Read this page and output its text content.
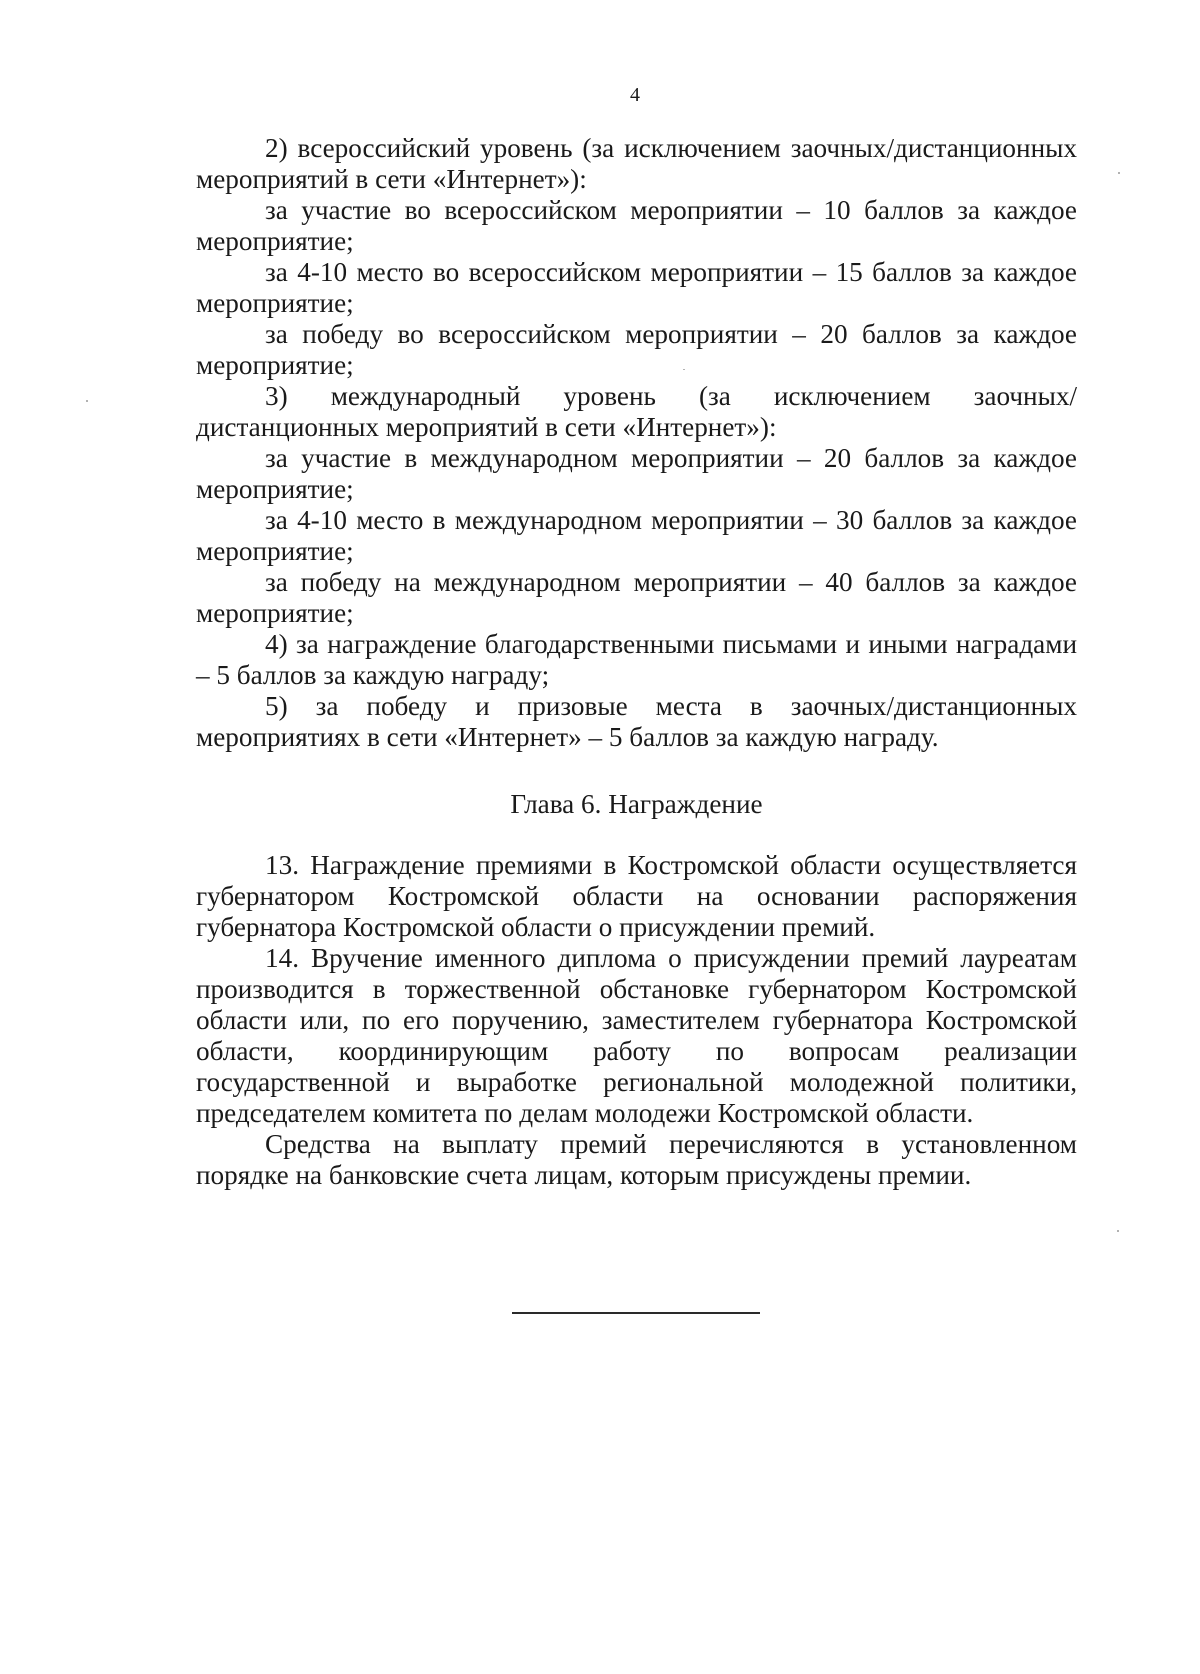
4

2) всероссийский уровень (за исключением заочных/дистанционных мероприятий в сети «Интернет»):

за участие во всероссийском мероприятии – 10 баллов за каждое мероприятие;

за 4-10 место во всероссийском мероприятии – 15 баллов за каждое мероприятие;

за победу во всероссийском мероприятии – 20 баллов за каждое мероприятие;

3) международный уровень (за исключением заочных/дистанционных мероприятий в сети «Интернет»):

за участие в международном мероприятии – 20 баллов за каждое мероприятие;

за 4-10 место в международном мероприятии – 30 баллов за каждое мероприятие;

за победу на международном мероприятии – 40 баллов за каждое мероприятие;

4) за награждение благодарственными письмами и иными наградами – 5 баллов за каждую награду;

5) за победу и призовые места в заочных/дистанционных мероприятиях в сети «Интернет» – 5 баллов за каждую награду.

Глава 6. Награждение

13. Награждение премиями в Костромской области осуществляется губернатором Костромской области на основании распоряжения губернатора Костромской области о присуждении премий.

14. Вручение именного диплома о присуждении премий лауреатам производится в торжественной обстановке губернатором Костромской области или, по его поручению, заместителем губернатора Костромской области, координирующим работу по вопросам реализации государственной и выработке региональной молодежной политики, председателем комитета по делам молодежи Костромской области.

Средства на выплату премий перечисляются в установленном порядке на банковские счета лицам, которым присуждены премии.
